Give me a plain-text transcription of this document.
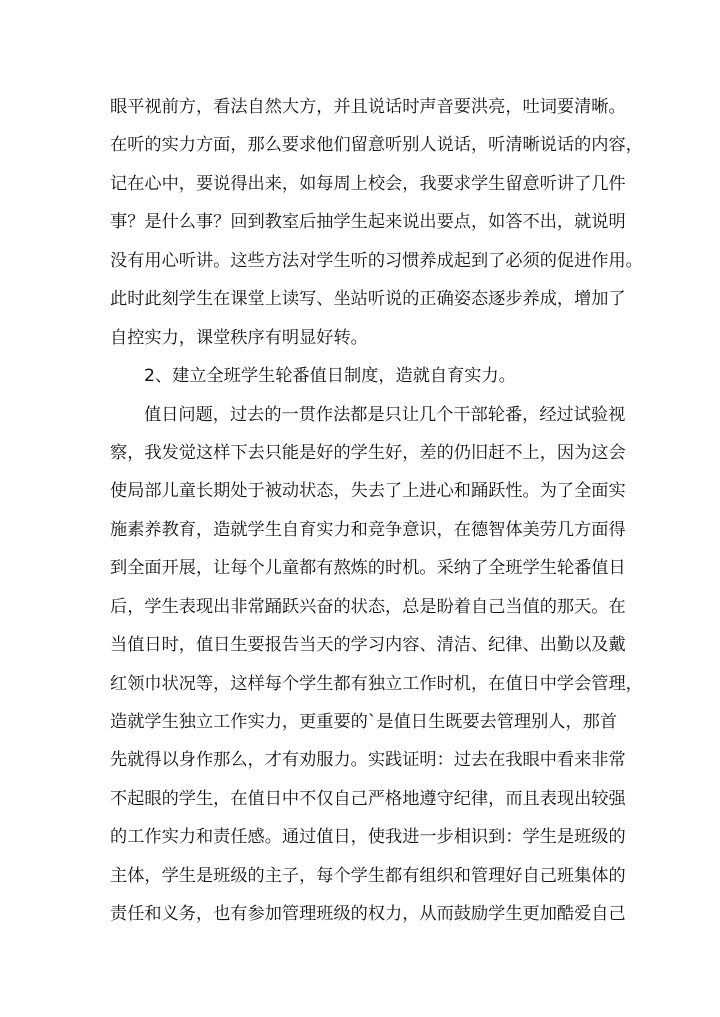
眼平视前方，看法自然大方，并且说话时声音要洪亮，吐词要清晰。
在听的实力方面，那么要求他们留意听别人说话，听清晰说话的内容，
记在心中，要说得出来，如每周上校会，我要求学生留意听讲了几件
事？是什么事？回到教室后抽学生起来说出要点，如答不出，就说明
没有用心听讲。这些方法对学生听的习惯养成起到了必须的促进作用。
此时此刻学生在课堂上读写、坐站听说的正确姿态逐步养成，增加了
自控实力，课堂秩序有明显好转。
2、建立全班学生轮番值日制度，造就自育实力。
值日问题，过去的一贯作法都是只让几个干部轮番，经过试验视
察，我发觉这样下去只能是好的学生好，差的仍旧赶不上，因为这会
使局部儿童长期处于被动状态，失去了上进心和踊跃性。为了全面实
施素养教育，造就学生自育实力和竞争意识，在德智体美劳几方面得
到全面开展，让每个儿童都有熬炼的时机。采纳了全班学生轮番值日
后，学生表现出非常踊跃兴奋的状态，总是盼着自己当值的那天。在
当值日时，值日生要报告当天的学习内容、清洁、纪律、出勤以及戴
红领巾状况等，这样每个学生都有独立工作时机，在值日中学会管理，
造就学生独立工作实力，更重要的`是值日生既要去管理别人，那首
先就得以身作那么，才有劝服力。实践证明：过去在我眼中看来非常
不起眼的学生，在值日中不仅自己严格地遵守纪律，而且表现出较强
的工作实力和责任感。通过值日，使我进一步相识到：学生是班级的
主体，学生是班级的主子，每个学生都有组织和管理好自己班集体的
责任和义务，也有参加管理班级的权力，从而鼓励学生更加酷爱自己
